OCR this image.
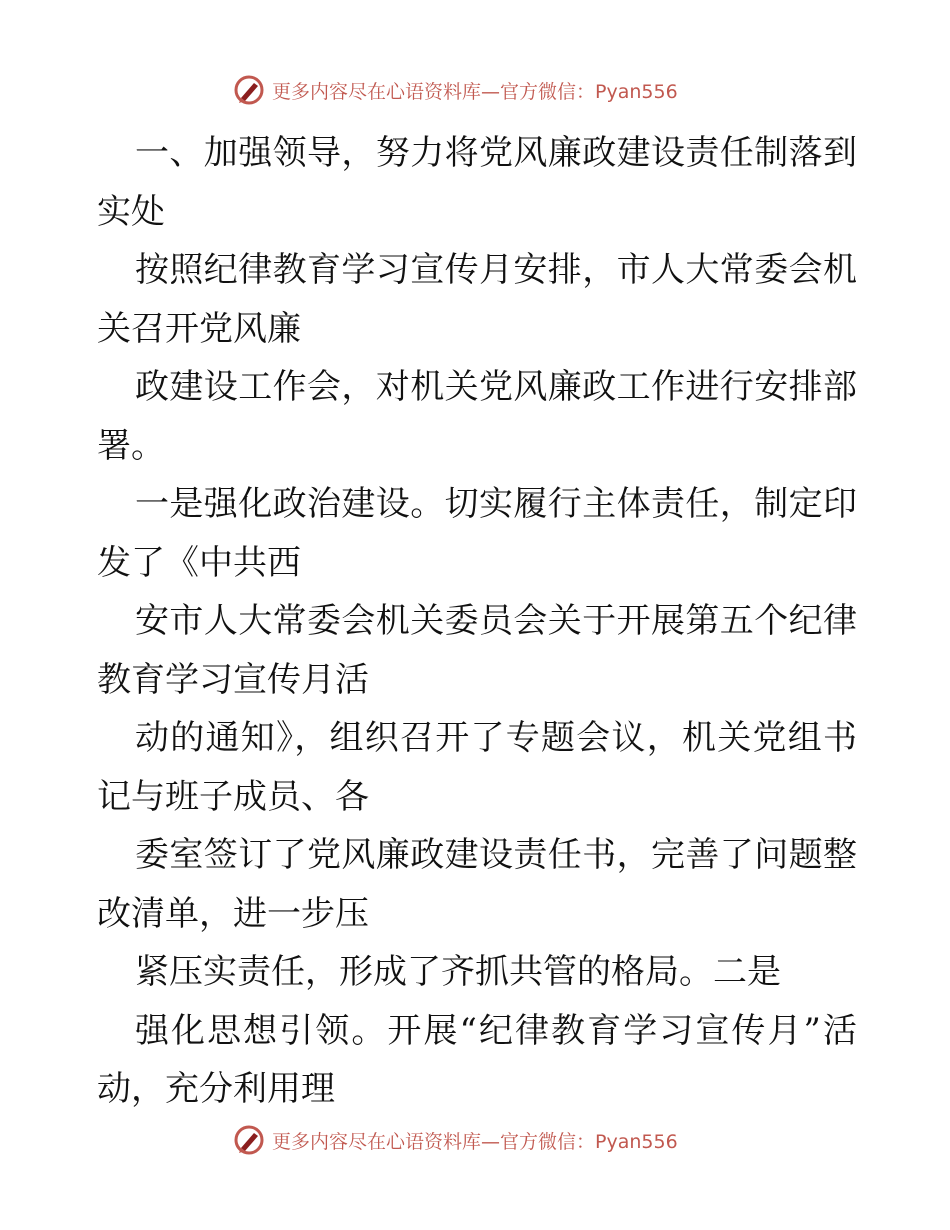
更多内容尽在心语资料库—官方微信：Pyan556

一、加强领导，努力将党风廉政建设责任制落到实处

按照纪律教育学习宣传月安排，市人大常委会机关召开党风廉

政建设工作会，对机关党风廉政工作进行安排部署。

一是强化政治建设。切实履行主体责任，制定印发了《中共西

安市人大常委会机关委员会关于开展第五个纪律教育学习宣传月活

动的通知》，组织召开了专题会议，机关党组书记与班子成员、各

委室签订了党风廉政建设责任书，完善了问题整改清单，进一步压

紧压实责任，形成了齐抓共管的格局。二是

强化思想引领。开展“纪律教育学习宣传月”活动，充分利用理

更多内容尽在心语资料库—官方微信：Pyan556
